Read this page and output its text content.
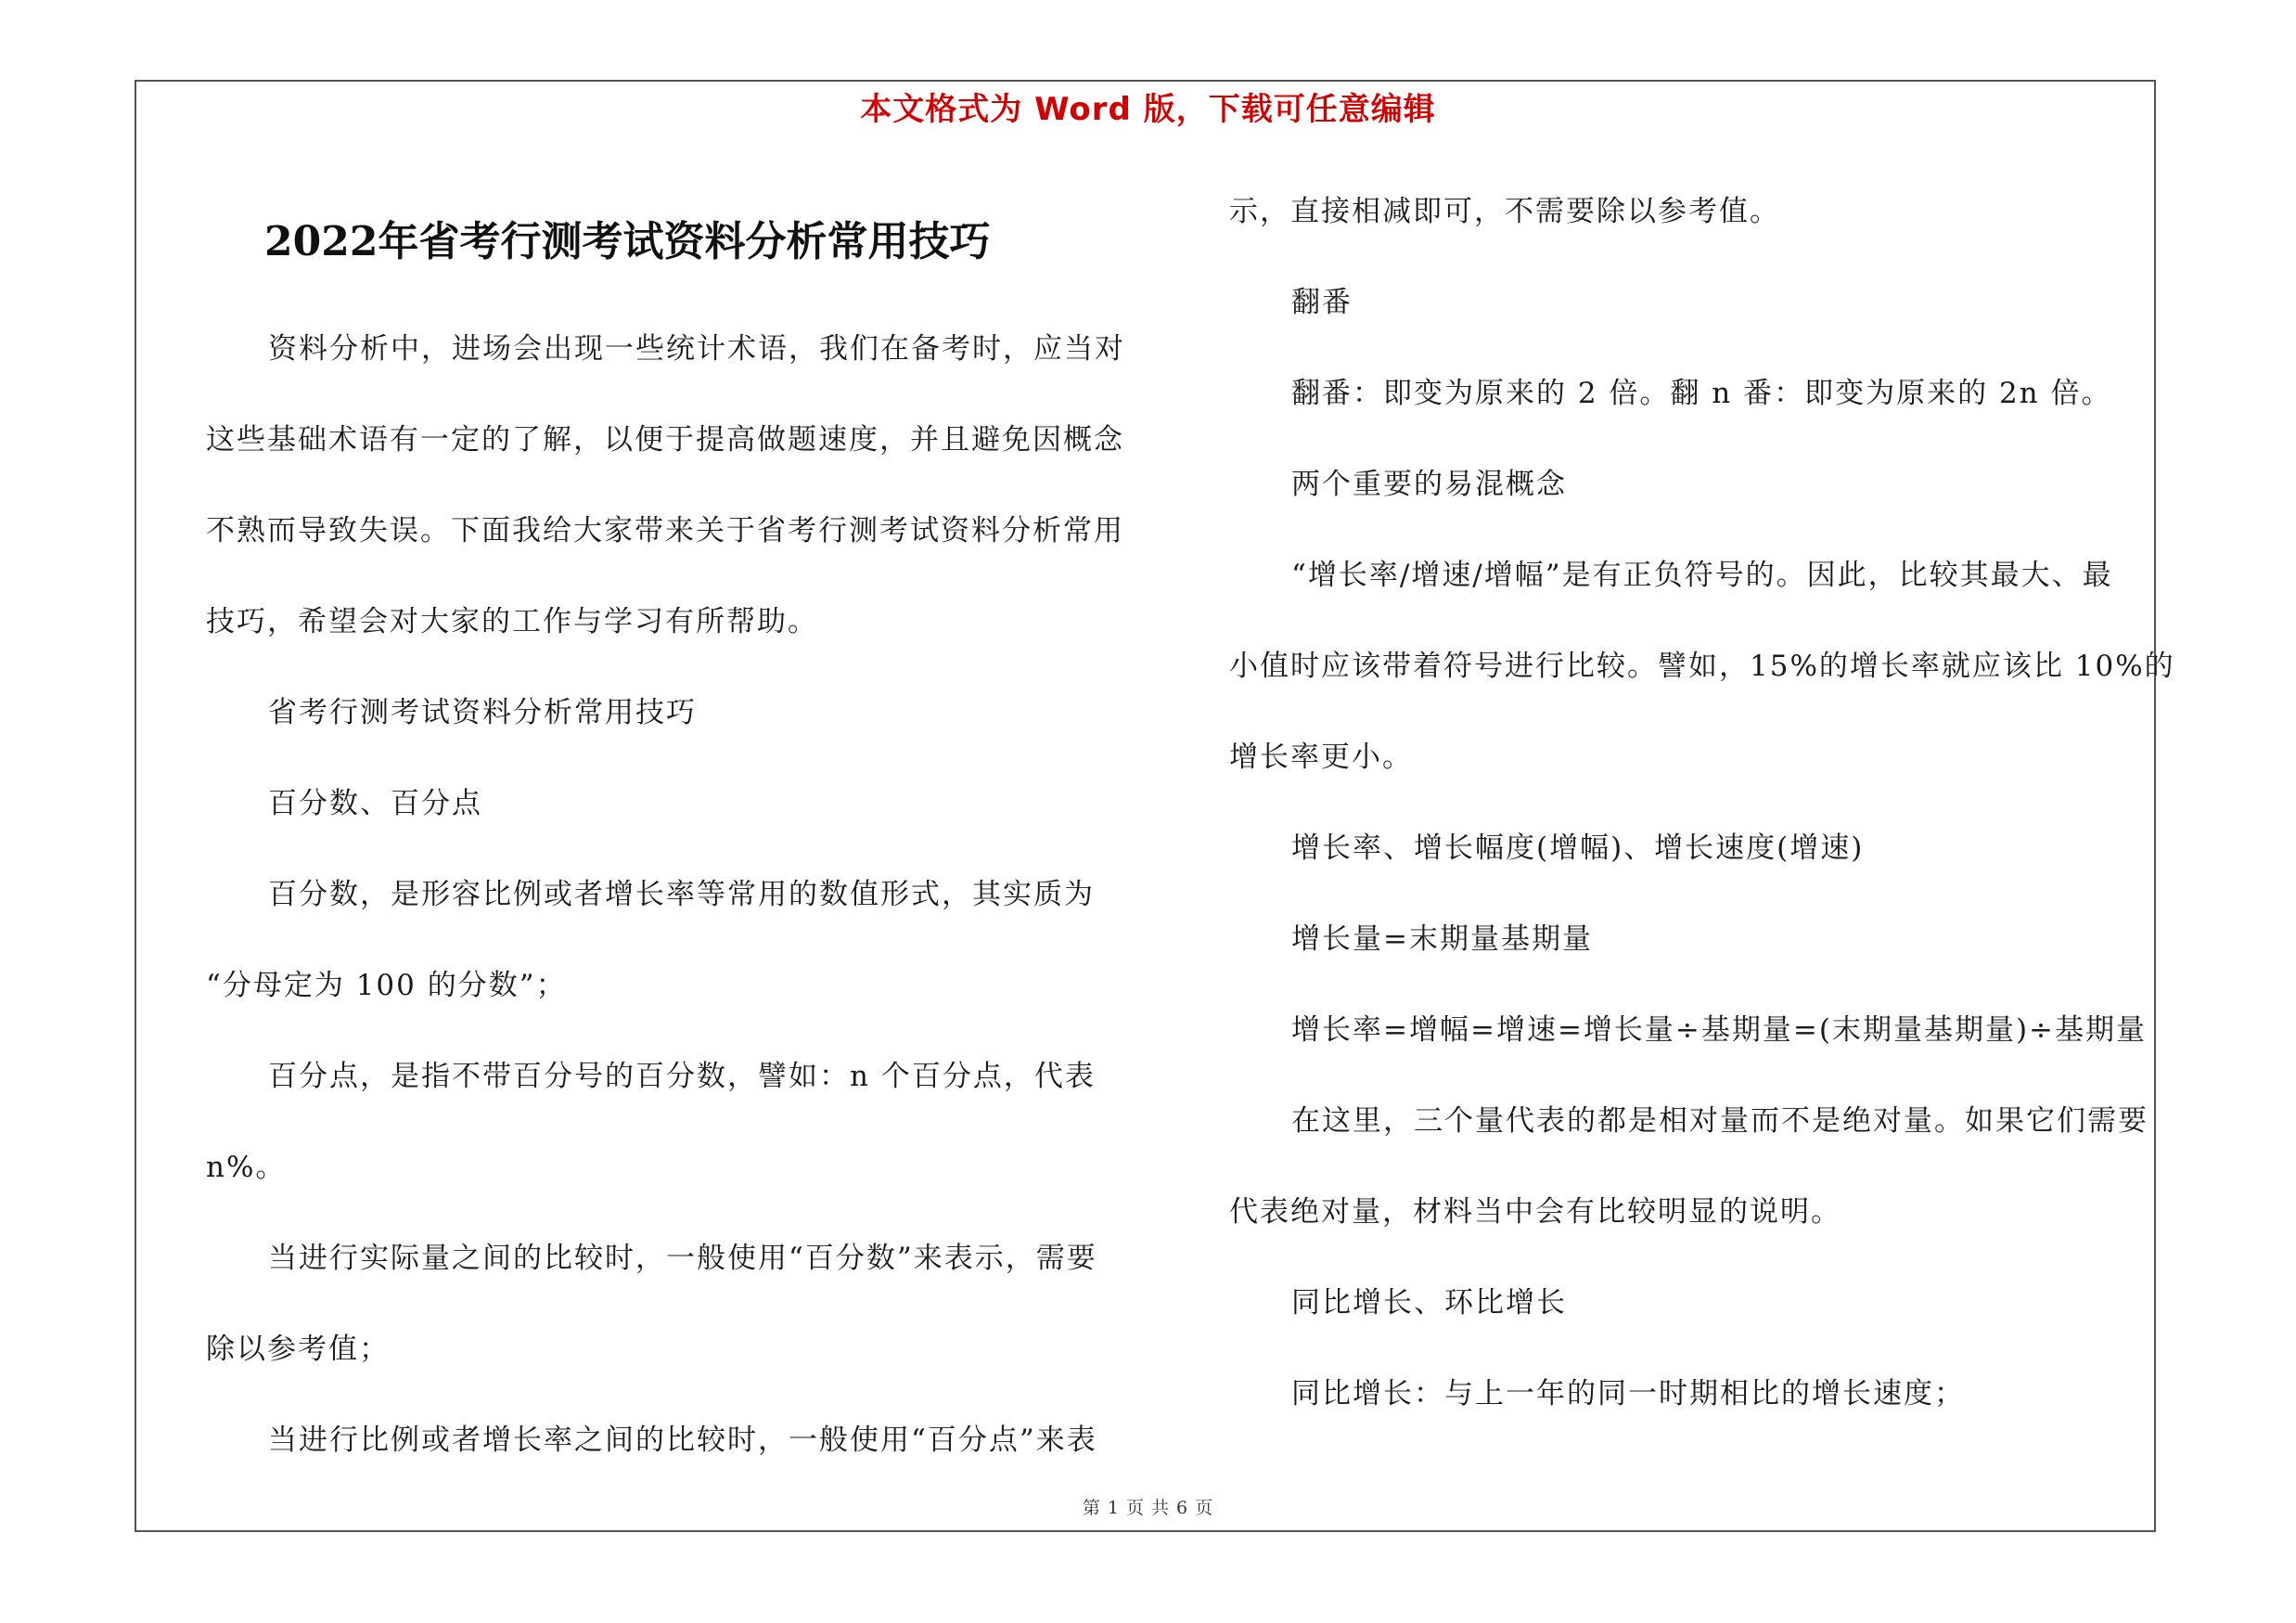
本文格式为 Word 版，下载可任意编辑
2022年省考行测考试资料分析常用技巧
资料分析中，进场会出现一些统计术语，我们在备考时，应当对
这些基础术语有一定的了解，以便于提高做题速度，并且避免因概念
不熟而导致失误。下面我给大家带来关于省考行测考试资料分析常用
技巧，希望会对大家的工作与学习有所帮助。
省考行测考试资料分析常用技巧
百分数、百分点
百分数，是形容比例或者增长率等常用的数值形式，其实质为
“分母定为 100 的分数”；
百分点，是指不带百分号的百分数，譬如：n 个百分点，代表
n%。
当进行实际量之间的比较时，一般使用“百分数”来表示，需要
除以参考值；
当进行比例或者增长率之间的比较时，一般使用“百分点”来表
示，直接相减即可，不需要除以参考值。
翻番
翻番：即变为原来的 2 倍。翻 n 番：即变为原来的 2n 倍。
两个重要的易混概念
“增长率/增速/增幅”是有正负符号的。因此，比较其最大、最
小值时应该带着符号进行比较。譬如，15%的增长率就应该比 10%的
增长率更小。
增长率、增长幅度(增幅)、增长速度(增速)
增长量=末期量基期量
增长率=增幅=增速=增长量÷基期量=(末期量基期量)÷基期量
在这里，三个量代表的都是相对量而不是绝对量。如果它们需要
代表绝对量，材料当中会有比较明显的说明。
同比增长、环比增长
同比增长：与上一年的同一时期相比的增长速度；
第 1 页 共 6 页
